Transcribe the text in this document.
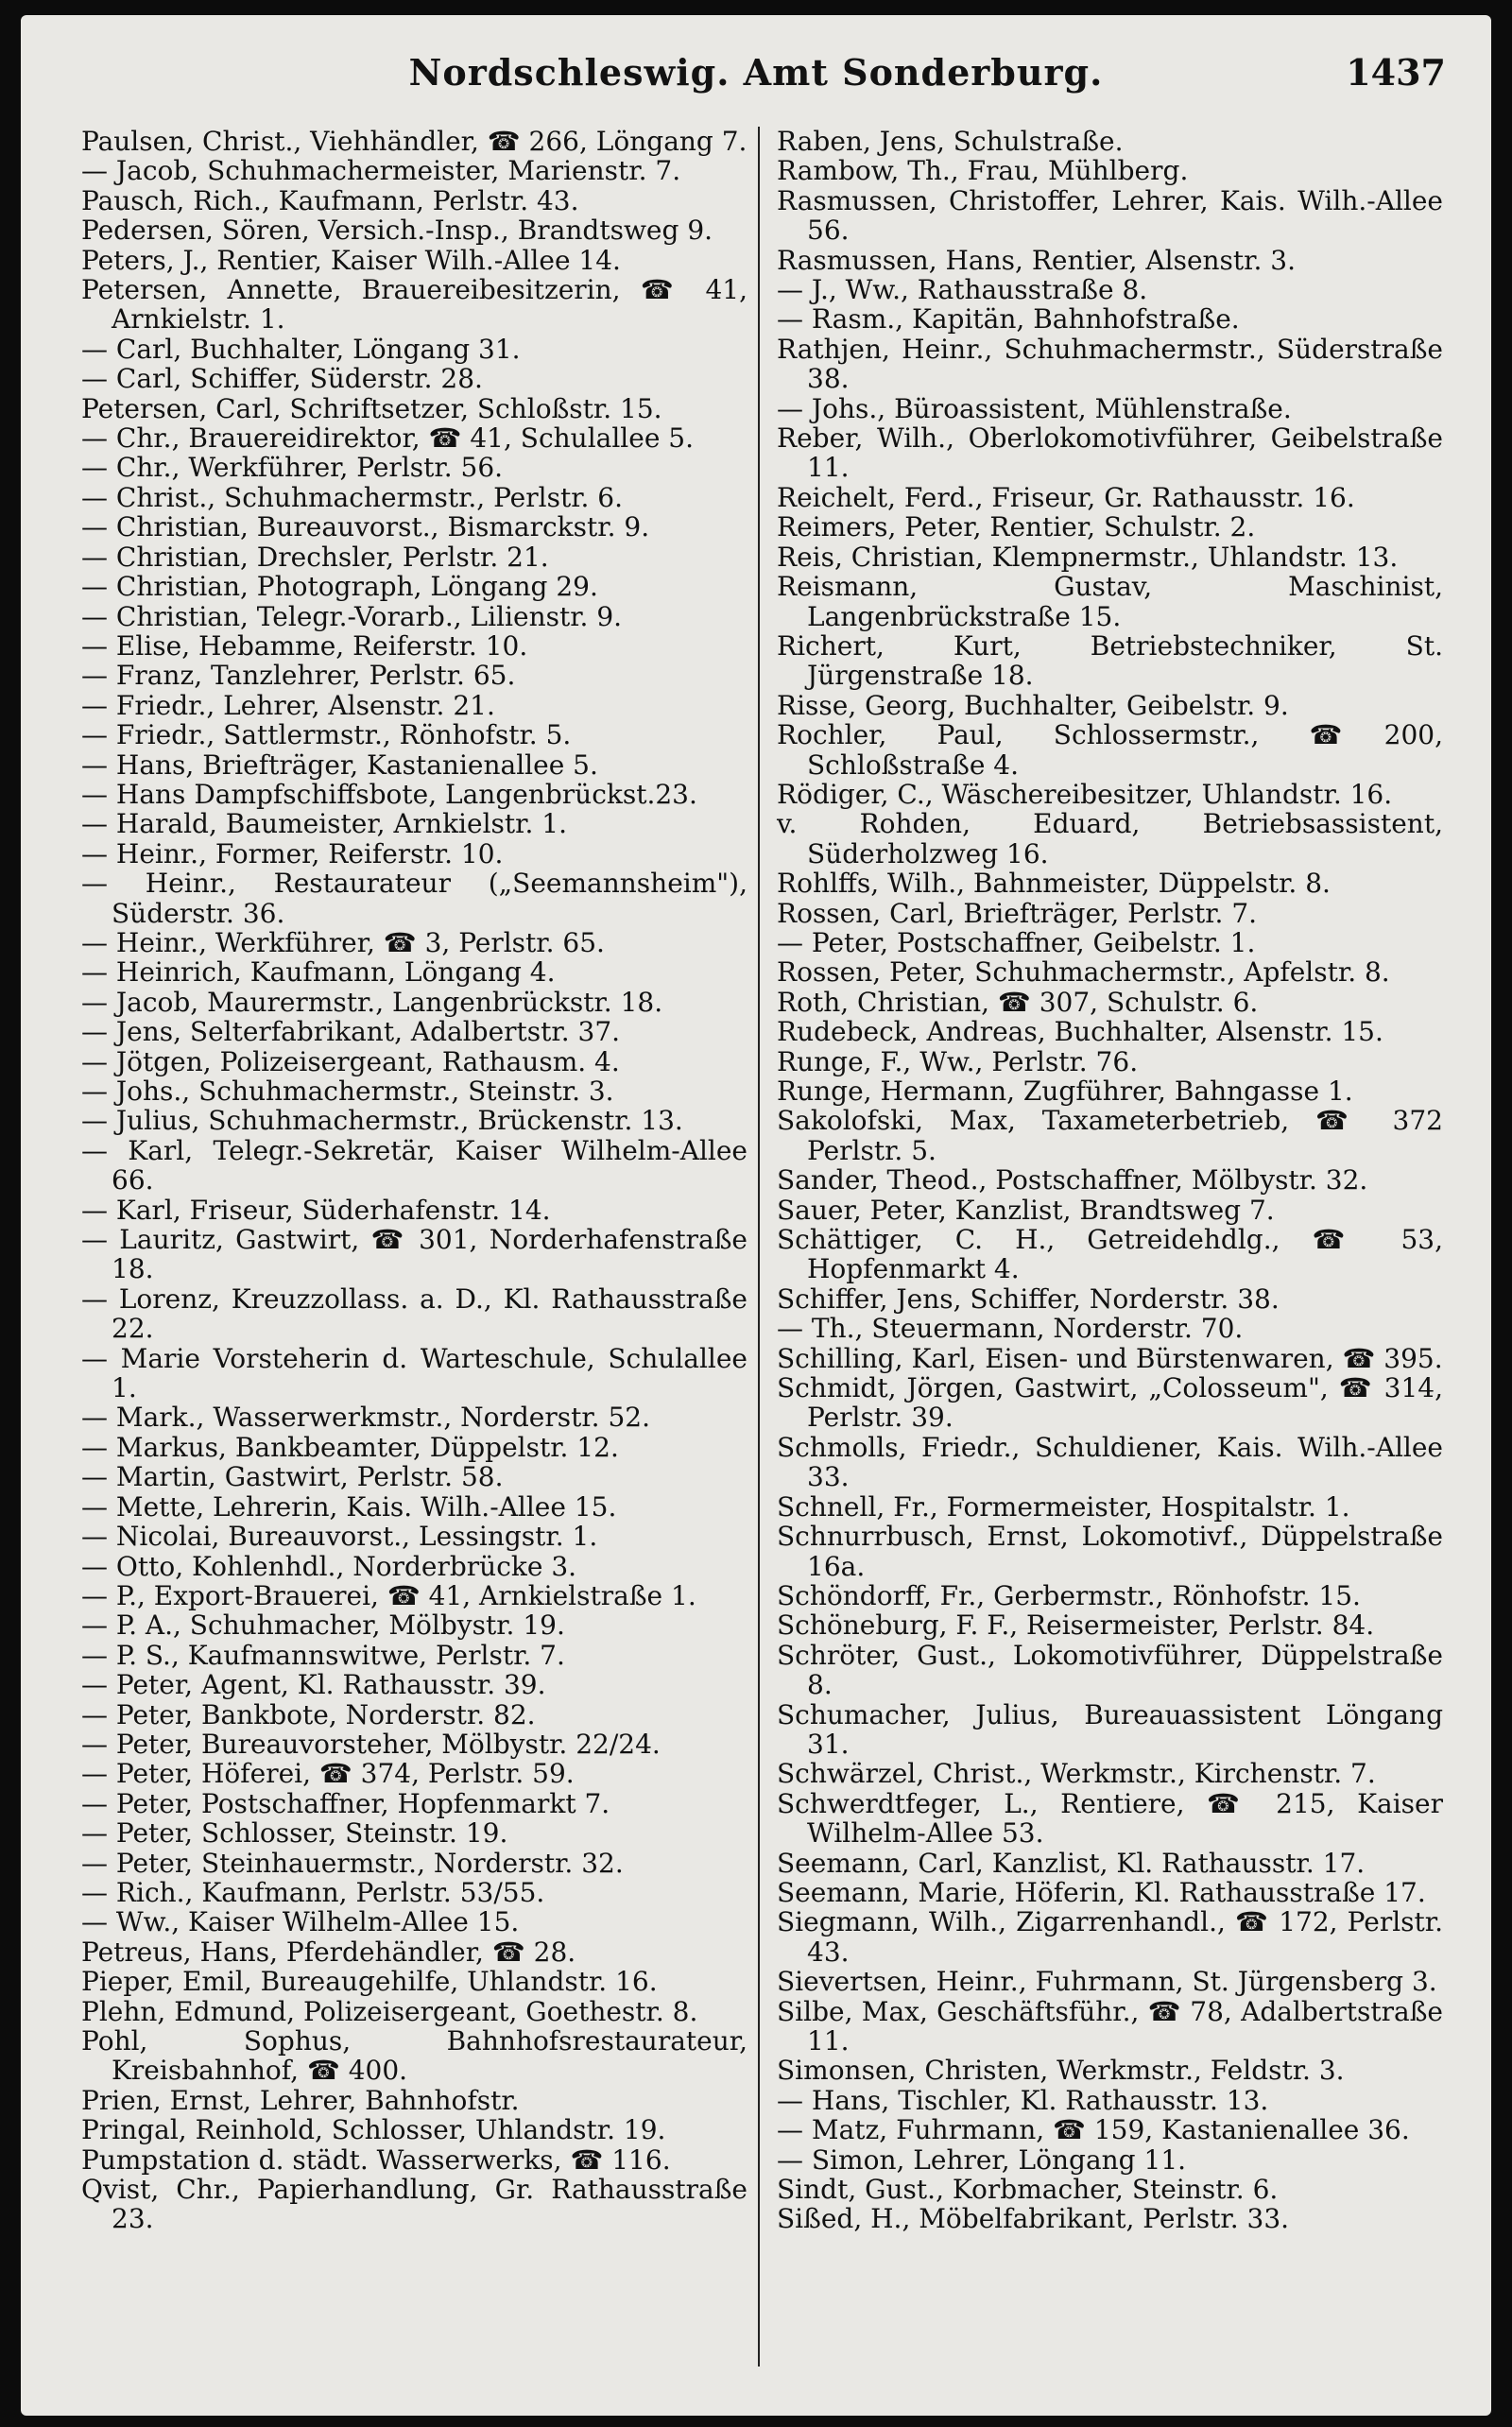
Nordschleswig. Amt Sonderburg.	1437
Paulsen, Christ., Viehhändler, ☎ 266, Löngang 7.
— Jacob, Schuhmachermeister, Marienstr. 7.
Pausch, Rich., Kaufmann, Perlstr. 43.
Pedersen, Sören, Versich.-Insp., Brandtsweg 9.
Peters, J., Rentier, Kaiser Wilh.-Allee 14.
Petersen, Annette, Brauereibesitzerin, ☎ 41, Arnkielstr. 1.
— Carl, Buchhalter, Löngang 31.
— Carl, Schiffer, Süderstr. 28.
Petersen, Carl, Schriftsetzer, Schloßstr. 15.
— Chr., Brauereidirektor, ☎ 41, Schulallee 5.
— Chr., Werkführer, Perlstr. 56.
— Christ., Schuhmachermstr., Perlstr. 6.
— Christian, Bureauvorst., Bismarckstr. 9.
— Christian, Drechsler, Perlstr. 21.
— Christian, Photograph, Löngang 29.
— Christian, Telegr.-Vorarb., Lilienstr. 9.
— Elise, Hebamme, Reiferstr. 10.
— Franz, Tanzlehrer, Perlstr. 65.
— Friedr., Lehrer, Alsenstr. 21.
— Friedr., Sattlermstr., Rönhofstr. 5.
— Hans, Briefträger, Kastanienallee 5.
— Hans Dampfschiffsbote, Langenbrückst.23.
— Harald, Baumeister, Arnkielstr. 1.
— Heinr., Former, Reiferstr. 10.
— Heinr., Restaurateur („Seemannsheim"), Süderstr. 36.
— Heinr., Werkführer, ☎ 3, Perlstr. 65.
— Heinrich, Kaufmann, Löngang 4.
— Jacob, Maurermstr., Langenbrückstr. 18.
— Jens, Selterfabrikant, Adalbertstr. 37.
— Jötgen, Polizeisergeant, Rathausm. 4.
— Johs., Schuhmachermstr., Steinstr. 3.
— Julius, Schuhmachermstr., Brückenstr. 13.
— Karl, Telegr.-Sekretär, Kaiser Wilhelm-Allee 66.
— Karl, Friseur, Süderhafenstr. 14.
— Lauritz, Gastwirt, ☎ 301, Norderhafenstraße 18.
— Lorenz, Kreuzzollass. a. D., Kl. Rathausstraße 22.
— Marie Vorsteherin d. Warteschule, Schulallee 1.
— Mark., Wasserwerkmstr., Norderstr. 52.
— Markus, Bankbeamter, Düppelstr. 12.
— Martin, Gastwirt, Perlstr. 58.
— Mette, Lehrerin, Kais. Wilh.-Allee 15.
— Nicolai, Bureauvorst., Lessingstr. 1.
— Otto, Kohlenhdl., Norderbrücke 3.
— P., Export-Brauerei, ☎ 41, Arnkielstraße 1.
— P. A., Schuhmacher, Mölbystr. 19.
— P. S., Kaufmannswitwe, Perlstr. 7.
— Peter, Agent, Kl. Rathausstr. 39.
— Peter, Bankbote, Norderstr. 82.
— Peter, Bureauvorsteher, Mölbystr. 22/24.
— Peter, Höferei, ☎ 374, Perlstr. 59.
— Peter, Postschaffner, Hopfenmarkt 7.
— Peter, Schlosser, Steinstr. 19.
— Peter, Steinhauermstr., Norderstr. 32.
— Rich., Kaufmann, Perlstr. 53/55.
— Ww., Kaiser Wilhelm-Allee 15.
Petreus, Hans, Pferdehändler, ☎ 28.
Pieper, Emil, Bureaugehilfe, Uhlandstr. 16.
Plehn, Edmund, Polizeisergeant, Goethestr. 8.
Pohl, Sophus, Bahnhofsrestaurateur, Kreisbahnhof, ☎ 400.
Prien, Ernst, Lehrer, Bahnhofstr.
Pringal, Reinhold, Schlosser, Uhlandstr. 19.
Pumpstation d. städt. Wasserwerks, ☎ 116.
Qvist, Chr., Papierhandlung, Gr. Rathausstraße 23.
Raben, Jens, Schulstraße.
Rambow, Th., Frau, Mühlberg.
Rasmussen, Christoffer, Lehrer, Kais. Wilh.-Allee 56.
Rasmussen, Hans, Rentier, Alsenstr. 3.
— J., Ww., Rathausstraße 8.
— Rasm., Kapitän, Bahnhofstraße.
Rathjen, Heinr., Schuhmachermstr., Süderstraße 38.
— Johs., Büroassistent, Mühlenstraße.
Reber, Wilh., Oberlokomotivführer, Geibelstraße 11.
Reichelt, Ferd., Friseur, Gr. Rathausstr. 16.
Reimers, Peter, Rentier, Schulstr. 2.
Reis, Christian, Klempnermstr., Uhlandstr. 13.
Reismann, Gustav, Maschinist, Langenbrückstraße 15.
Richert, Kurt, Betriebstechniker, St. Jürgenstraße 18.
Risse, Georg, Buchhalter, Geibelstr. 9.
Rochler, Paul, Schlossermstr., ☎200, Schloßstraße 4.
Rödiger, C., Wäschereibesitzer, Uhlandstr. 16.
v. Rohden, Eduard, Betriebsassistent, Süderholzweg 16.
Rohlffs, Wilh., Bahnmeister, Düppelstr. 8.
Rossen, Carl, Briefträger, Perlstr. 7.
— Peter, Postschaffner, Geibelstr. 1.
Rossen, Peter, Schuhmachermstr., Apfelstr. 8.
Roth, Christian, ☎ 307, Schulstr. 6.
Rudebeck, Andreas, Buchhalter, Alsenstr. 15.
Runge, F., Ww., Perlstr. 76.
Runge, Hermann, Zugführer, Bahngasse 1.
Sakolofski, Max, Taxameterbetrieb, ☎ 372 Perlstr. 5.
Sander, Theod., Postschaffner, Mölbystr. 32.
Sauer, Peter, Kanzlist, Brandtsweg 7.
Schättiger, C. H., Getreidehdlg., ☎ 53, Hopfenmarkt 4.
Schiffer, Jens, Schiffer, Norderstr. 38.
— Th., Steuermann, Norderstr. 70.
Schilling, Karl, Eisen- und Bürstenwaren, ☎ 395.
Schmidt, Jörgen, Gastwirt, „Colosseum", ☎ 314, Perlstr. 39.
Schmolls, Friedr., Schuldiener, Kais. Wilh.-Allee 33.
Schnell, Fr., Formermeister, Hospitalstr. 1.
Schnurrbusch, Ernst, Lokomotivf., Düppelstraße 16a.
Schöndorff, Fr., Gerbermstr., Rönhofstr. 15.
Schöneburg, F. F., Reisermeister, Perlstr. 84.
Schröter, Gust., Lokomotivführer, Düppelstraße 8.
Schumacher, Julius, Bureauassistent Löngang 31.
Schwärzel, Christ., Werkmstr., Kirchenstr. 7.
Schwerdtfeger, L., Rentiere, ☎ 215, Kaiser Wilhelm-Allee 53.
Seemann, Carl, Kanzlist, Kl. Rathausstr. 17.
Seemann, Marie, Höferin, Kl. Rathausstraße 17.
Siegmann, Wilh., Zigarrenhandl., ☎ 172, Perlstr. 43.
Sievertsen, Heinr., Fuhrmann, St. Jürgensberg 3.
Silbe, Max, Geschäftsführ., ☎ 78, Adalbertstraße 11.
Simonsen, Christen, Werkmstr., Feldstr. 3.
— Hans, Tischler, Kl. Rathausstr. 13.
— Matz, Fuhrmann, ☎ 159, Kastanienallee 36.
— Simon, Lehrer, Löngang 11.
Sindt, Gust., Korbmacher, Steinstr. 6.
Sißed, H., Möbelfabrikant, Perlstr. 33.
